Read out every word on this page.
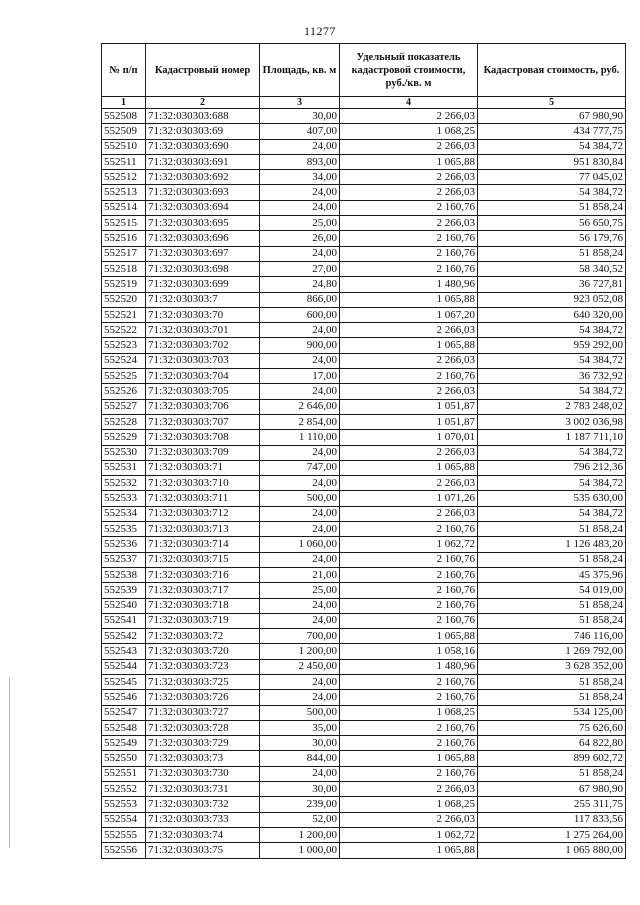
11277
№ п/п	Кадастровый номер	Площадь, кв. м	Удельный показатель кадастровой стоимости, руб./кв. м	Кадастровая стоимость, руб.
1	2	3	4	5
552508	71:32:030303:688	30,00	2 266,03	67 980,90
552509	71:32:030303:69	407,00	1 068,25	434 777,75
552510	71:32:030303:690	24,00	2 266,03	54 384,72
552511	71:32:030303:691	893,00	1 065,88	951 830,84
552512	71:32:030303:692	34,00	2 266,03	77 045,02
552513	71:32:030303:693	24,00	2 266,03	54 384,72
552514	71:32:030303:694	24,00	2 160,76	51 858,24
552515	71:32:030303:695	25,00	2 266,03	56 650,75
552516	71:32:030303:696	26,00	2 160,76	56 179,76
552517	71:32:030303:697	24,00	2 160,76	51 858,24
552518	71:32:030303:698	27,00	2 160,76	58 340,52
552519	71:32:030303:699	24,80	1 480,96	36 727,81
552520	71:32:030303:7	866,00	1 065,88	923 052,08
552521	71:32:030303:70	600,00	1 067,20	640 320,00
552522	71:32:030303:701	24,00	2 266,03	54 384,72
552523	71:32:030303:702	900,00	1 065,88	959 292,00
552524	71:32:030303:703	24,00	2 266,03	54 384,72
552525	71:32:030303:704	17,00	2 160,76	36 732,92
552526	71:32:030303:705	24,00	2 266,03	54 384,72
552527	71:32:030303:706	2 646,00	1 051,87	2 783 248,02
552528	71:32:030303:707	2 854,00	1 051,87	3 002 036,98
552529	71:32:030303:708	1 110,00	1 070,01	1 187 711,10
552530	71:32:030303:709	24,00	2 266,03	54 384,72
552531	71:32:030303:71	747,00	1 065,88	796 212,36
552532	71:32:030303:710	24,00	2 266,03	54 384,72
552533	71:32:030303:711	500,00	1 071,26	535 630,00
552534	71:32:030303:712	24,00	2 266,03	54 384,72
552535	71:32:030303:713	24,00	2 160,76	51 858,24
552536	71:32:030303:714	1 060,00	1 062,72	1 126 483,20
552537	71:32:030303:715	24,00	2 160,76	51 858,24
552538	71:32:030303:716	21,00	2 160,76	45 375,96
552539	71:32:030303:717	25,00	2 160,76	54 019,00
552540	71:32:030303:718	24,00	2 160,76	51 858,24
552541	71:32:030303:719	24,00	2 160,76	51 858,24
552542	71:32:030303:72	700,00	1 065,88	746 116,00
552543	71:32:030303:720	1 200,00	1 058,16	1 269 792,00
552544	71:32:030303:723	2 450,00	1 480,96	3 628 352,00
552545	71:32:030303:725	24,00	2 160,76	51 858,24
552546	71:32:030303:726	24,00	2 160,76	51 858,24
552547	71:32:030303:727	500,00	1 068,25	534 125,00
552548	71:32:030303:728	35,00	2 160,76	75 626,60
552549	71:32:030303:729	30,00	2 160,76	64 822,80
552550	71:32:030303:73	844,00	1 065,88	899 602,72
552551	71:32:030303:730	24,00	2 160,76	51 858,24
552552	71:32:030303:731	30,00	2 266,03	67 980,90
552553	71:32:030303:732	239,00	1 068,25	255 311,75
552554	71:32:030303:733	52,00	2 266,03	117 833,56
552555	71:32:030303:74	1 200,00	1 062,72	1 275 264,00
552556	71:32:030303:75	1 000,00	1 065,88	1 065 880,00
